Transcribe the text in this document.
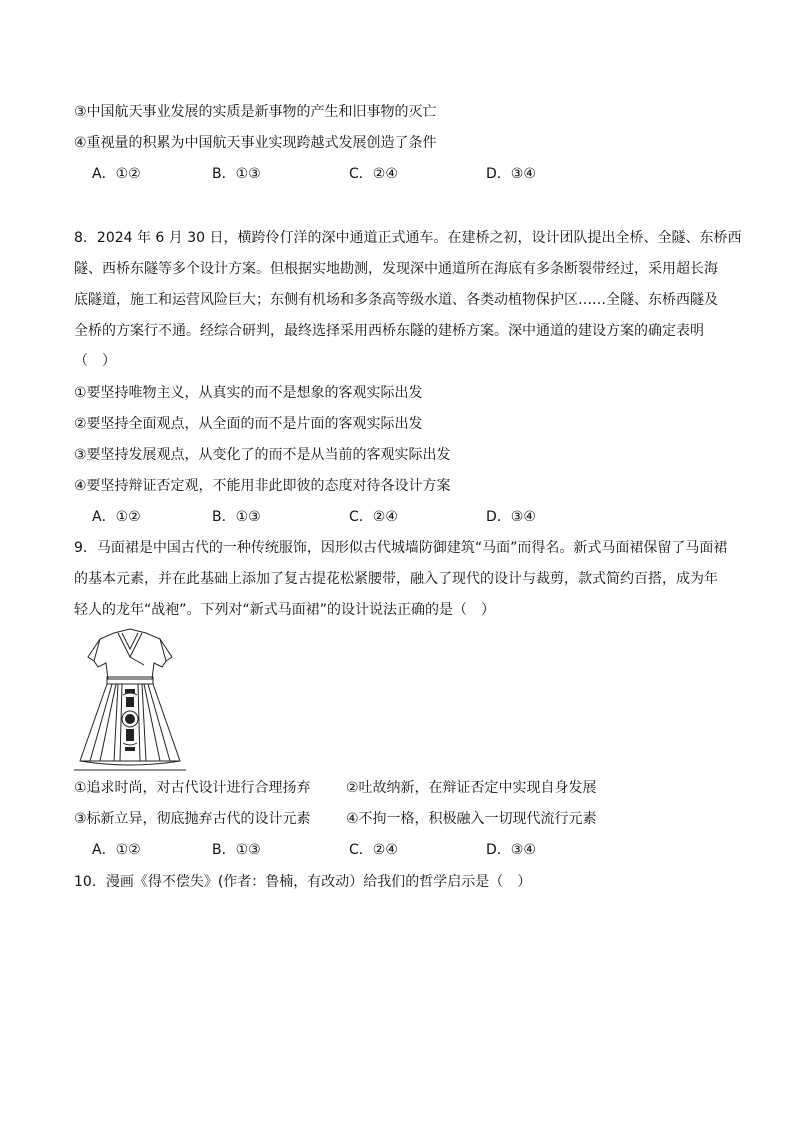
③中国航天事业发展的实质是新事物的产生和旧事物的灭亡
④重视量的积累为中国航天事业实现跨越式发展创造了条件
A．①②	B．①③	C．②④	D．③④
8．2024 年 6 月 30 日，横跨伶仃洋的深中通道正式通车。在建桥之初，设计团队提出全桥、全隧、东桥西
隧、西桥东隧等多个设计方案。但根据实地勘测，发现深中通道所在海底有多条断裂带经过，采用超长海
底隧道，施工和运营风险巨大；东侧有机场和多条高等级水道、各类动植物保护区……全隧、东桥西隧及
全桥的方案行不通。经综合研判，最终选择采用西桥东隧的建桥方案。深中通道的建设方案的确定表明
（　）
①要坚持唯物主义，从真实的而不是想象的客观实际出发
②要坚持全面观点，从全面的而不是片面的客观实际出发
③要坚持发展观点，从变化了的而不是从当前的客观实际出发
④要坚持辩证否定观，不能用非此即彼的态度对待各设计方案
A．①②	B．①③	C．②④	D．③④
9．马面裙是中国古代的一种传统服饰，因形似古代城墙防御建筑“马面”而得名。新式马面裙保留了马面裙
的基本元素，并在此基础上添加了复古提花松紧腰带，融入了现代的设计与裁剪，款式简约百搭，成为年
轻人的龙年“战袍”。下列对“新式马面裙”的设计说法正确的是（　）
①追求时尚，对古代设计进行合理扬弃	②吐故纳新，在辩证否定中实现自身发展
③标新立异，彻底抛弃古代的设计元素	④不拘一格，积极融入一切现代流行元素
A．①②	B．①③	C．②④	D．③④
10．漫画《得不偿失》(作者：鲁楠，有改动）给我们的哲学启示是（　）
